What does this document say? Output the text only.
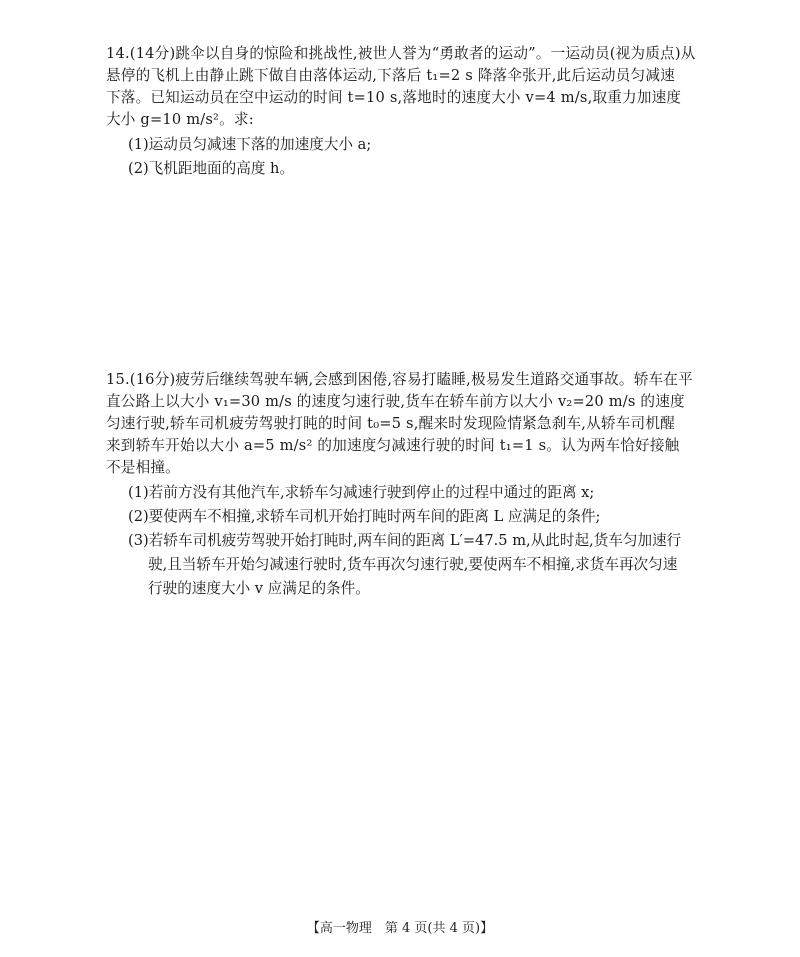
14.(14分)跳伞以自身的惊险和挑战性,被世人誉为“勇敢者的运动”。一运动员(视为质点)从
悬停的飞机上由静止跳下做自由落体运动,下落后 t₁=2 s 降落伞张开,此后运动员匀减速
下落。已知运动员在空中运动的时间 t=10 s,落地时的速度大小 v=4 m/s,取重力加速度
大小 g=10 m/s²。求:
(1)运动员匀减速下落的加速度大小 a;
(2)飞机距地面的高度 h。
15.(16分)疲劳后继续驾驶车辆,会感到困倦,容易打瞌睡,极易发生道路交通事故。轿车在平
直公路上以大小 v₁=30 m/s 的速度匀速行驶,货车在轿车前方以大小 v₂=20 m/s 的速度
匀速行驶,轿车司机疲劳驾驶打盹的时间 t₀=5 s,醒来时发现险情紧急刹车,从轿车司机醒
来到轿车开始以大小 a=5 m/s² 的加速度匀减速行驶的时间 t₁=1 s。认为两车恰好接触
不是相撞。
(1)若前方没有其他汽车,求轿车匀减速行驶到停止的过程中通过的距离 x;
(2)要使两车不相撞,求轿车司机开始打盹时两车间的距离 L 应满足的条件;
(3)若轿车司机疲劳驾驶开始打盹时,两车间的距离 L′=47.5 m,从此时起,货车匀加速行
驶,且当轿车开始匀减速行驶时,货车再次匀速行驶,要使两车不相撞,求货车再次匀速
行驶的速度大小 v 应满足的条件。
【高一物理　第 4 页(共 4 页)】
